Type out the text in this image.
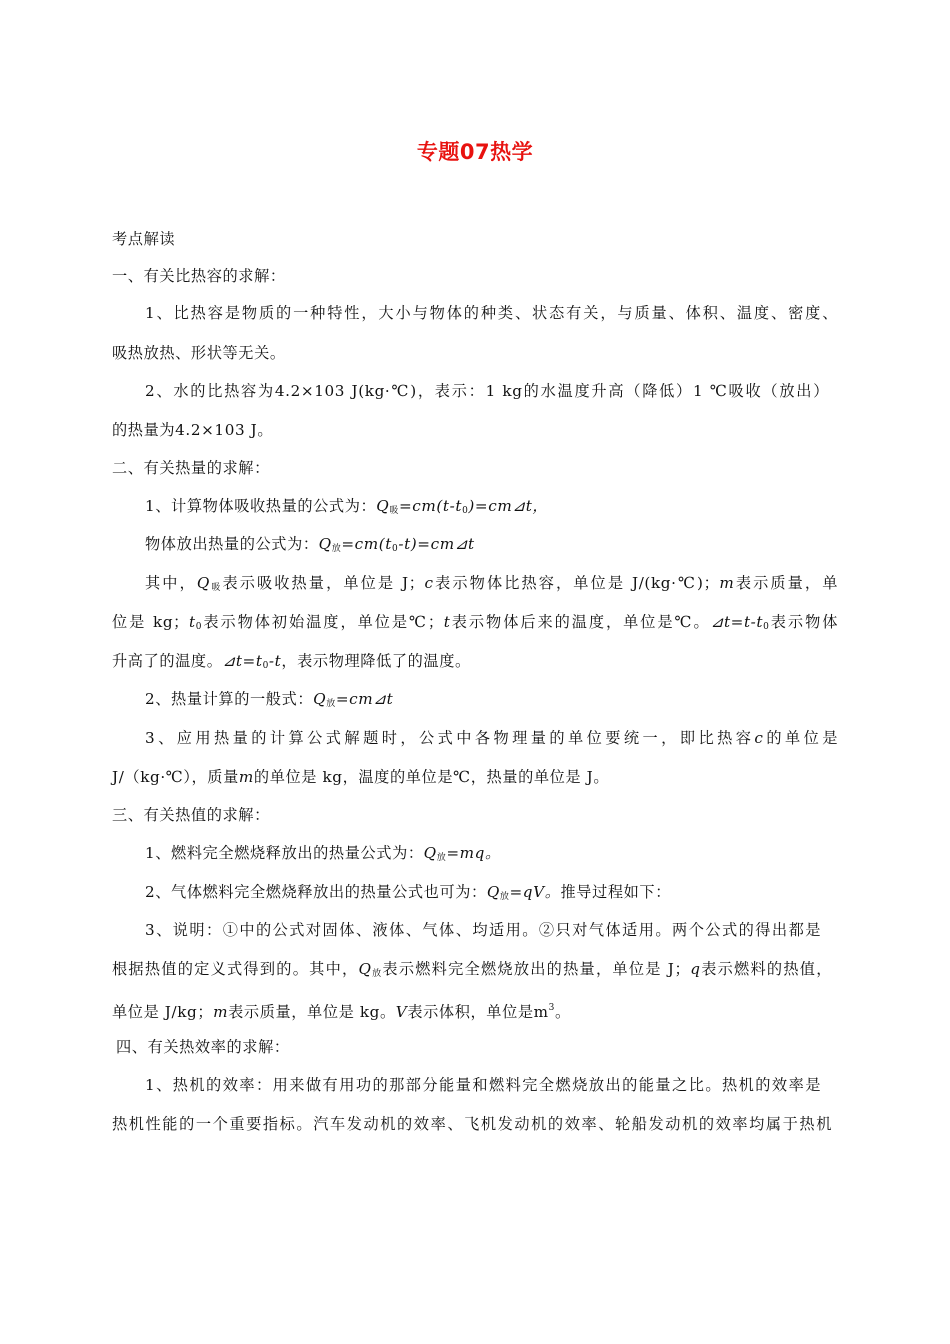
专题07热学
考点解读
一、有关比热容的求解：
1、比热容是物质的一种特性，大小与物体的种类、状态有关，与质量、体积、温度、密度、
吸热放热、形状等无关。
2、水的比热容为4.2×103 J(kg·℃)，表示：1 kg的水温度升高（降低）1 ℃吸收（放出）
的热量为4.2×103 J。
二、有关热量的求解：
1、计算物体吸收热量的公式为：$Q_吸=cm(t-t_0)=cm⊿t$，
物体放出热量的公式为：$Q_放=cm(t_0-t)=cm⊿t$
其中，$Q_吸$表示吸收热量，单位是 J；c表示物体比热容，单位是 J/(kg·℃)；m表示质量，单
位是 kg；$t_0$表示物体初始温度，单位是℃；t表示物体后来的温度，单位是℃。$⊿t=t-t_0$表示物体
升高了的温度。$⊿t=t_0-t$，表示物理降低了的温度。
2、热量计算的一般式：$Q_放=cm⊿t$
3、应用热量的计算公式解题时，公式中各物理量的单位要统一，即比热容c的单位是
J/（kg·℃），质量m的单位是 kg，温度的单位是℃，热量的单位是 J。
三、有关热值的求解：
1、燃料完全燃烧释放出的热量公式为：$Q_放=mq$。
2、气体燃料完全燃烧释放出的热量公式也可为：$Q_放=qV$。推导过程如下：
3、说明：①中的公式对固体、液体、气体、均适用。②只对气体适用。两个公式的得出都是
根据热值的定义式得到的。其中，$Q_放$表示燃料完全燃烧放出的热量，单位是 J；q表示燃料的热值，
单位是 J/kg；m表示质量，单位是 kg。V表示体积，单位是$m^3$。
四、有关热效率的求解：
1、热机的效率：用来做有用功的那部分能量和燃料完全燃烧放出的能量之比。热机的效率是
热机性能的一个重要指标。汽车发动机的效率、飞机发动机的效率、轮船发动机的效率均属于热机
